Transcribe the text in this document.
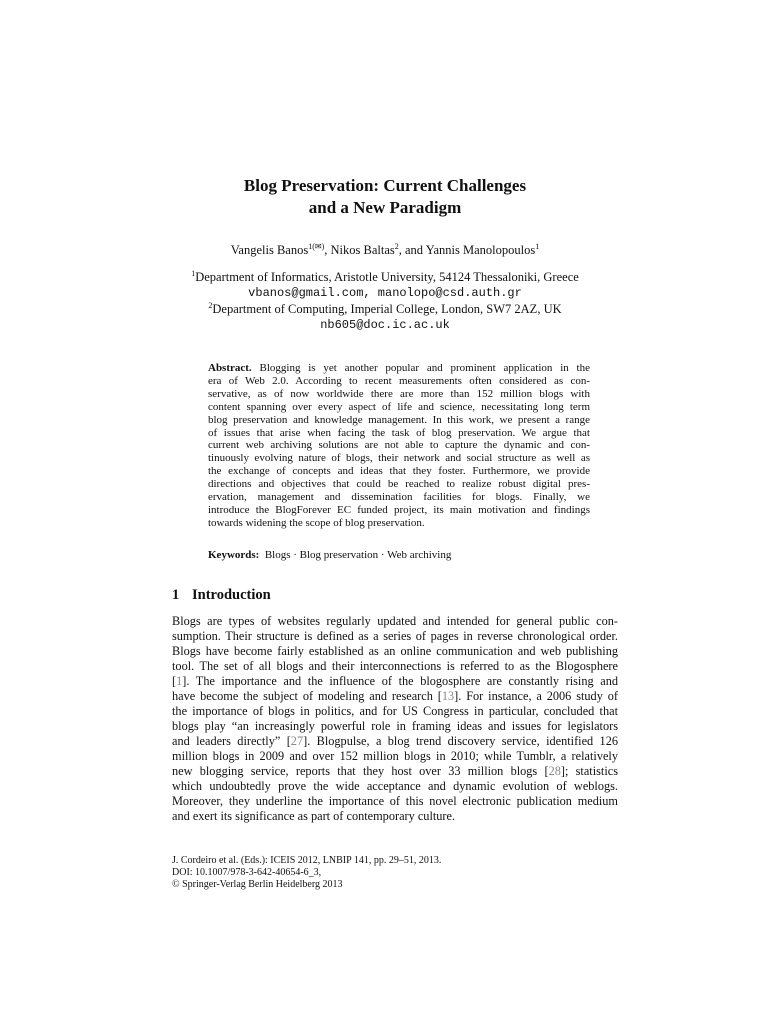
Blog Preservation: Current Challenges
and a New Paradigm
Vangelis Banos$^{1(✉)}$, Nikos Baltas$^2$, and Yannis Manolopoulos$^1$
$^1$Department of Informatics, Aristotle University, 54124 Thessaloniki, Greece
vbanos@gmail.com, manolopo@csd.auth.gr
$^2$Department of Computing, Imperial College, London, SW7 2AZ, UK
nb605@doc.ic.ac.uk
Abstract. Blogging is yet another popular and prominent application in the
era of Web 2.0. According to recent measurements often considered as con-
servative, as of now worldwide there are more than 152 million blogs with
content spanning over every aspect of life and science, necessitating long term
blog preservation and knowledge management. In this work, we present a range
of issues that arise when facing the task of blog preservation. We argue that
current web archiving solutions are not able to capture the dynamic and con-
tinuously evolving nature of blogs, their network and social structure as well as
the exchange of concepts and ideas that they foster. Furthermore, we provide
directions and objectives that could be reached to realize robust digital pres-
ervation, management and dissemination facilities for blogs. Finally, we
introduce the BlogForever EC funded project, its main motivation and findings
towards widening the scope of blog preservation.
Keywords:  Blogs · Blog preservation · Web archiving
1 Introduction
Blogs are types of websites regularly updated and intended for general public con-
sumption. Their structure is defined as a series of pages in reverse chronological order.
Blogs have become fairly established as an online communication and web publishing
tool. The set of all blogs and their interconnections is referred to as the Blogosphere
[1]. The importance and the influence of the blogosphere are constantly rising and
have become the subject of modeling and research [13]. For instance, a 2006 study of
the importance of blogs in politics, and for US Congress in particular, concluded that
blogs play “an increasingly powerful role in framing ideas and issues for legislators
and leaders directly” [27]. Blogpulse, a blog trend discovery service, identified 126
million blogs in 2009 and over 152 million blogs in 2010; while Tumblr, a relatively
new blogging service, reports that they host over 33 million blogs [28]; statistics
which undoubtedly prove the wide acceptance and dynamic evolution of weblogs.
Moreover, they underline the importance of this novel electronic publication medium
and exert its significance as part of contemporary culture.
J. Cordeiro et al. (Eds.): ICEIS 2012, LNBIP 141, pp. 29–51, 2013.
DOI: 10.1007/978-3-642-40654-6_3,
© Springer-Verlag Berlin Heidelberg 2013
